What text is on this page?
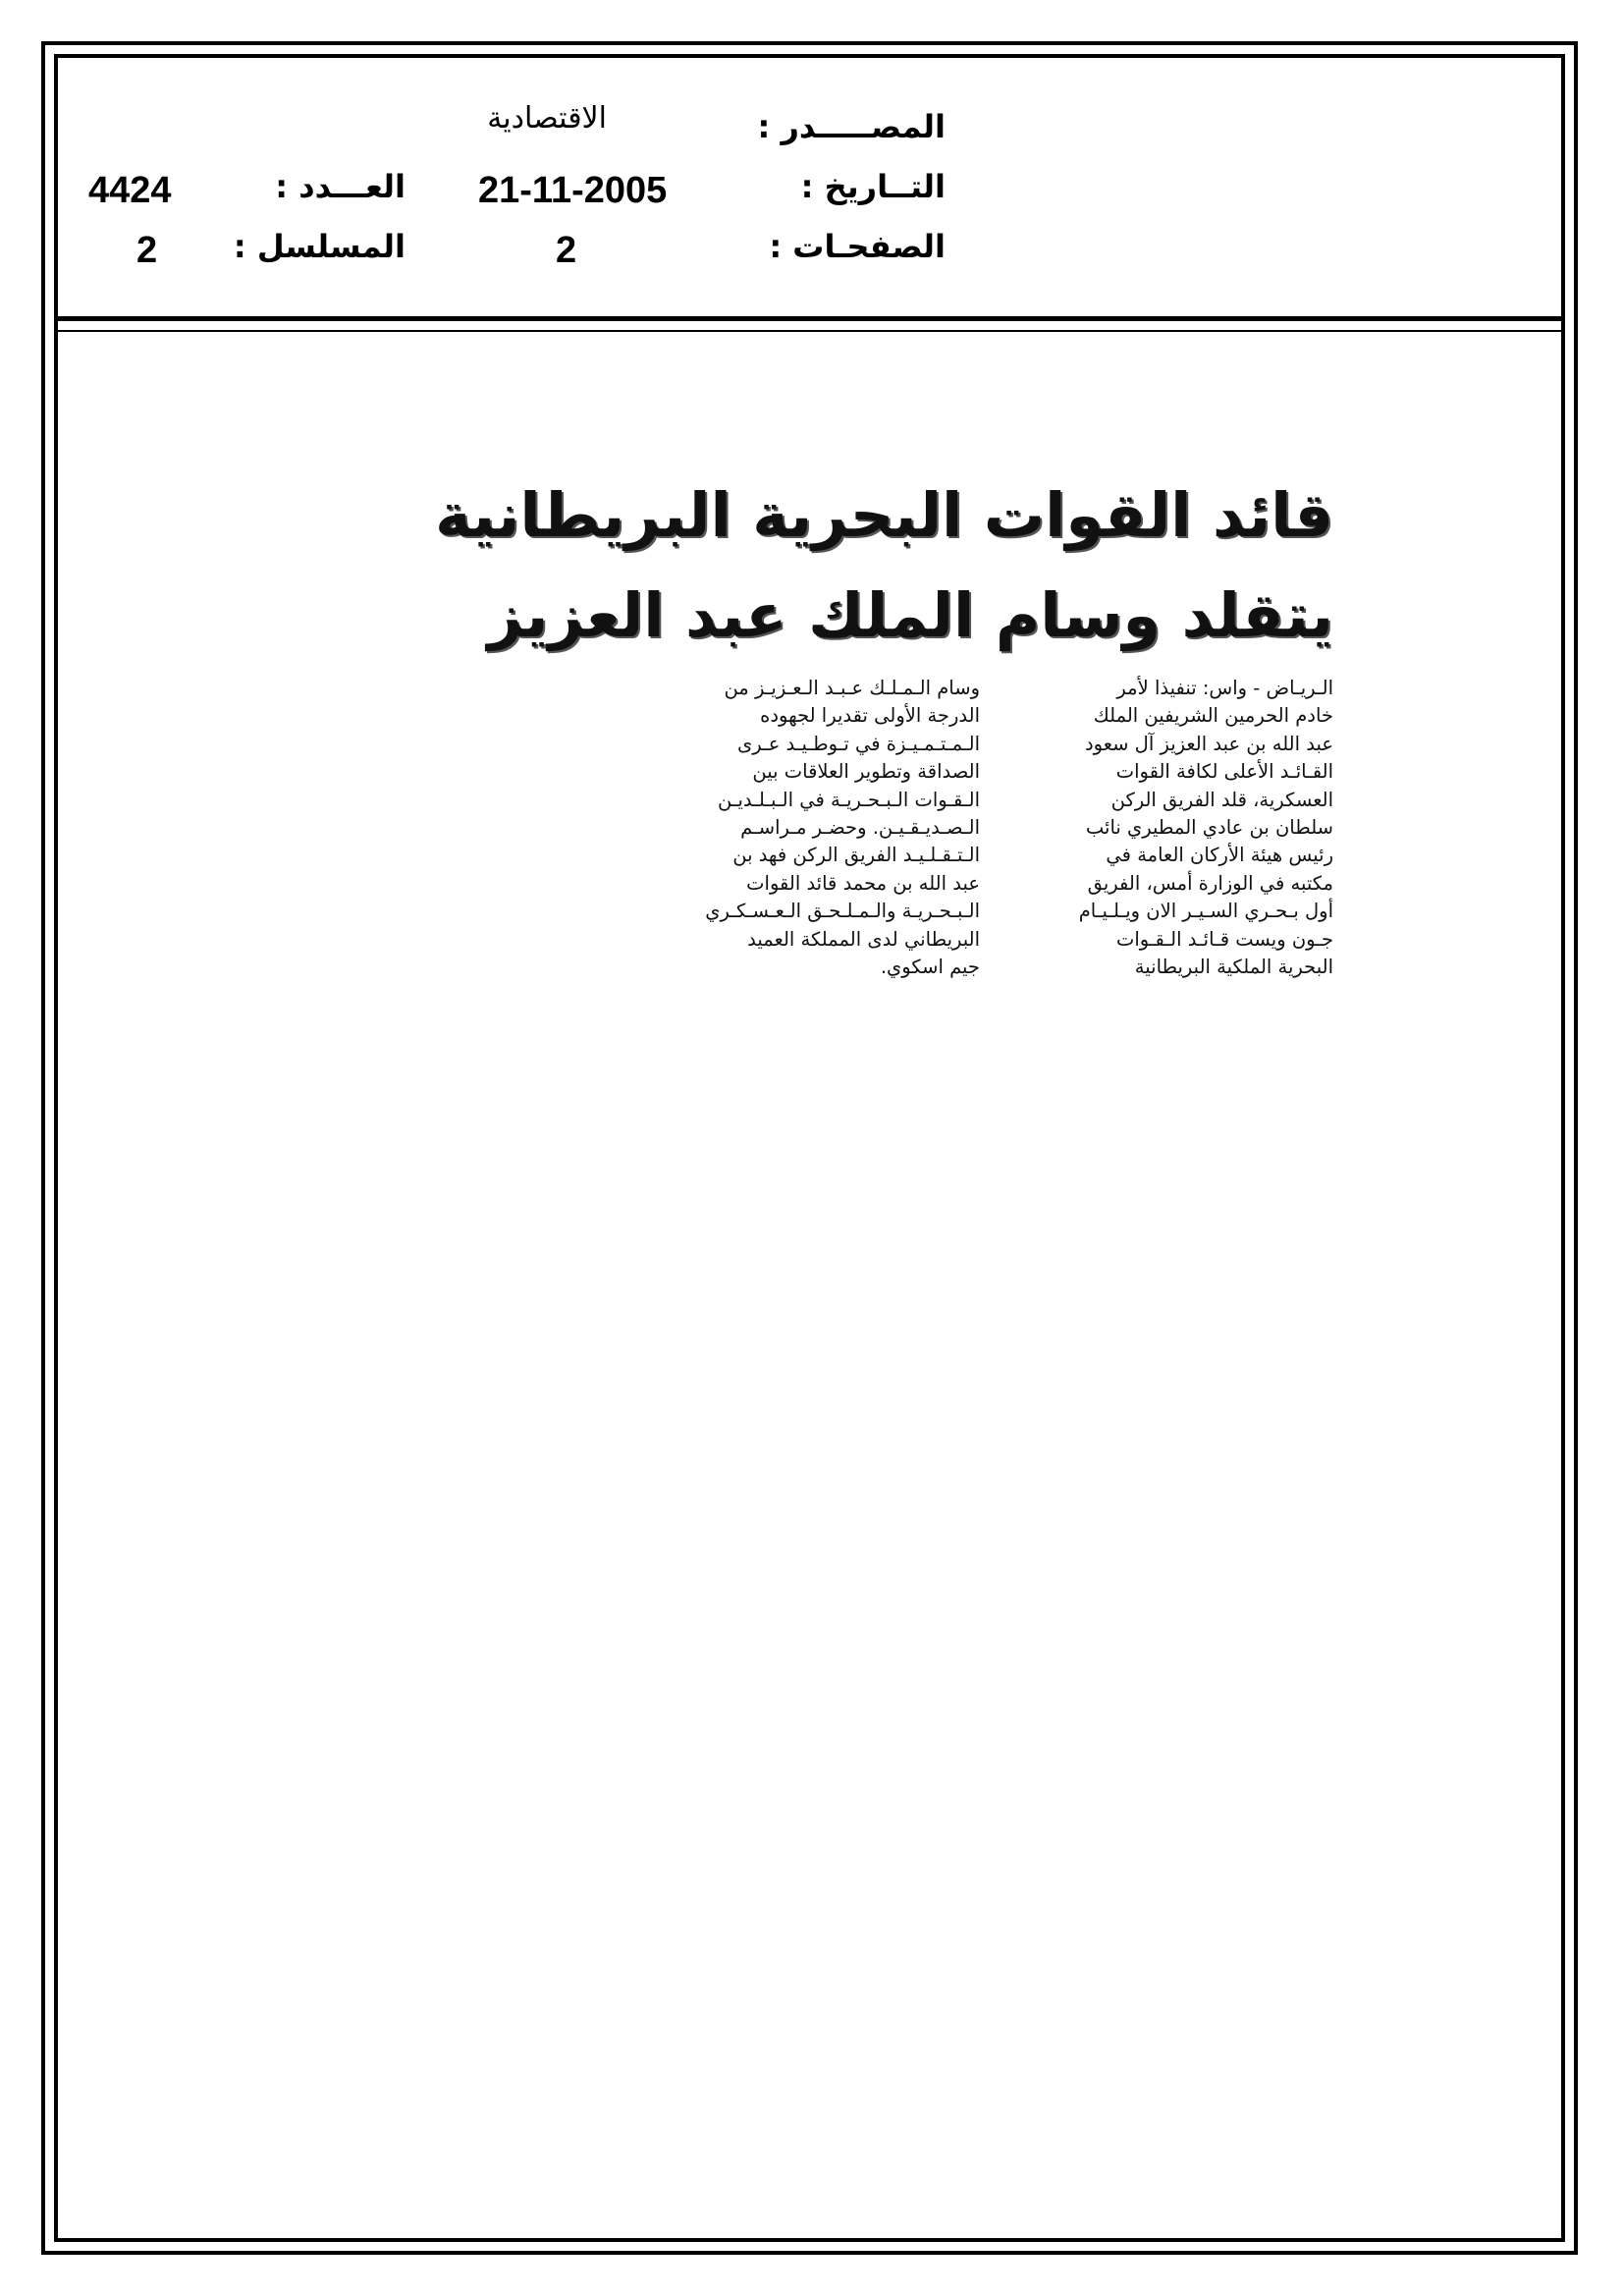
المصـــــدر :
الاقتصادية
التــاريخ :
21-11-2005
العـــدد :
4424
الصفحـات :
2
المسلسل :
2
قائد القوات البحرية البريطانية
يتقلد وسام الملك عبد العزيز
الـريـاض - واس: تنفيذا لأمر
خادم الحرمين الشريفين الملك
عبد الله بن عبد العزيز آل سعود
القـائـد الأعلى لكافة القوات
العسكرية، قلد الفريق الركن
سلطان بن عادي المطيري نائب
رئيس هيئة الأركان العامة في
مكتبه في الوزارة أمس، الفريق
أول بـحـري السـيـر الان ويـلـيـام
جـون ويست قـائـد الـقـوات
البحرية الملكية البريطانية
وسام الـمـلـك عـبـد الـعـزيـز من
الدرجة الأولى تقديرا لجهوده
الـمـتـمـيـزة في تـوطـيـد عـرى
الصداقة وتطوير العلاقات بين
الـقـوات الـبـحـريـة في الـبـلـديـن
الـصـديـقـيـن. وحضـر مـراسـم
الـتـقـلـيـد الفريق الركن فهد بن
عبد الله بن محمد قائد القوات
الـبـحـريـة والـمـلـحـق الـعـسـكـري
البريطاني لدى المملكة العميد
جيم اسكوي.
